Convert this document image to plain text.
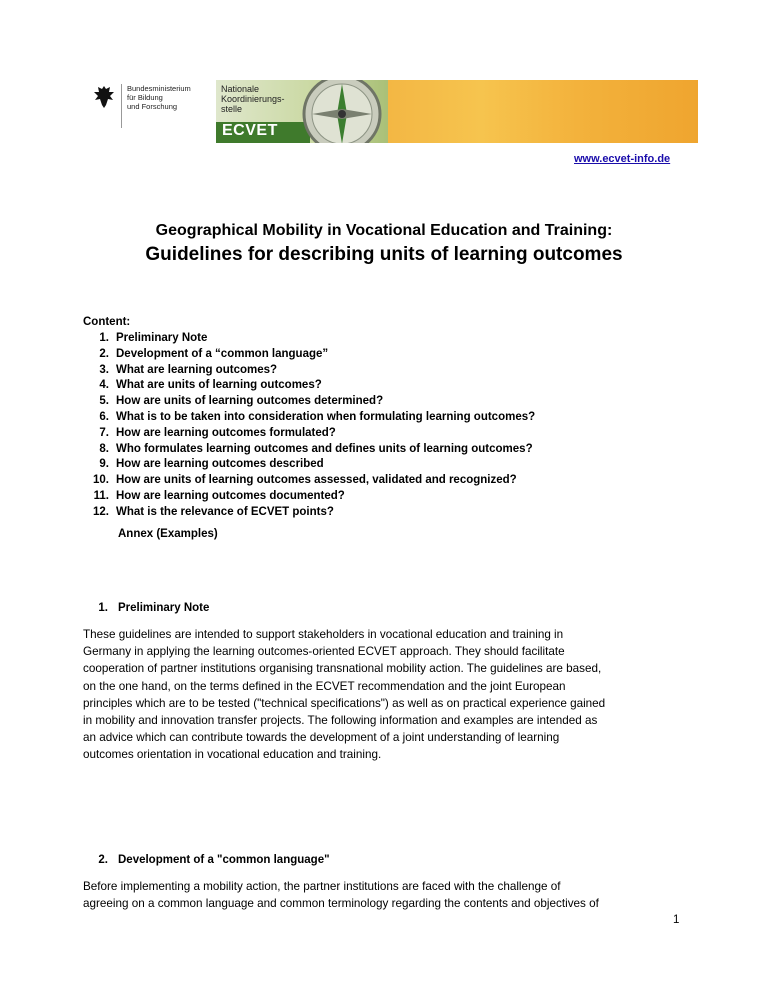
Bundesministerium
für Bildung
und Forschung
Nationale
Koordinierungs-
stelle
ECVET
www.ecvet-info.de
Geographical Mobility in Vocational Education and Training:
Guidelines for describing units of learning outcomes
Content:
1. Preliminary Note
2. Development of a “common language”
3. What are learning outcomes?
4. What are units of learning outcomes?
5. How are units of learning outcomes determined?
6. What is to be taken into consideration when formulating learning outcomes?
7. How are learning outcomes formulated?
8. Who formulates learning outcomes and defines units of learning outcomes?
9. How are learning outcomes described
10. How are units of learning outcomes assessed, validated and recognized?
11. How are learning outcomes documented?
12. What is the relevance of ECVET points?
Annex (Examples)
1. Preliminary Note
These guidelines are intended to support stakeholders in vocational education and training in
Germany in applying the learning outcomes-oriented ECVET approach. They should facilitate
cooperation of partner institutions organising transnational mobility action. The guidelines are based,
on the one hand, on the terms defined in the ECVET recommendation and the joint European
principles which are to be tested ("technical specifications") as well as on practical experience gained
in mobility and innovation transfer projects. The following information and examples are intended as
an advice which can contribute towards the development of a joint understanding of learning
outcomes orientation in vocational education and training.
2. Development of a "common language"
Before implementing a mobility action, the partner institutions are faced with the challenge of
agreeing on a common language and common terminology regarding the contents and objectives of
1
